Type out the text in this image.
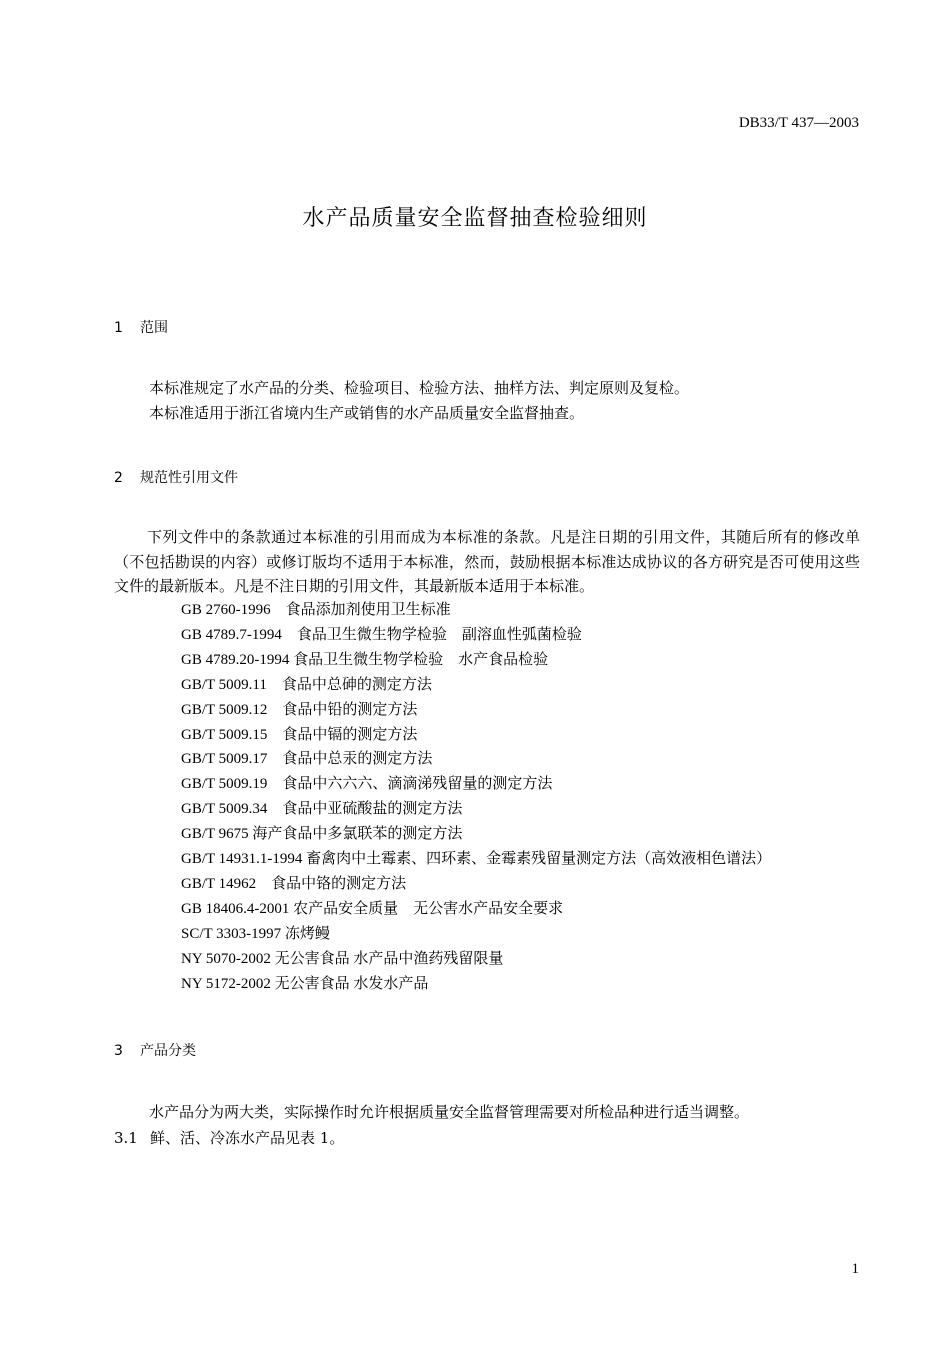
DB33/T 437—2003
水产品质量安全监督抽查检验细则
1 范围
本标准规定了水产品的分类、检验项目、检验方法、抽样方法、判定原则及复检。
本标准适用于浙江省境内生产或销售的水产品质量安全监督抽查。
2 规范性引用文件
下列文件中的条款通过本标准的引用而成为本标准的条款。凡是注日期的引用文件，其随后所有的修改单（不包括勘误的内容）或修订版均不适用于本标准，然而，鼓励根据本标准达成协议的各方研究是否可使用这些文件的最新版本。凡是不注日期的引用文件，其最新版本适用于本标准。
GB 2760-1996　食品添加剂使用卫生标准
GB 4789.7-1994　食品卫生微生物学检验　副溶血性弧菌检验
GB 4789.20-1994 食品卫生微生物学检验　水产食品检验
GB/T 5009.11　食品中总砷的测定方法
GB/T 5009.12　食品中铅的测定方法
GB/T 5009.15　食品中镉的测定方法
GB/T 5009.17　食品中总汞的测定方法
GB/T 5009.19　食品中六六六、滴滴涕残留量的测定方法
GB/T 5009.34　食品中亚硫酸盐的测定方法
GB/T 9675 海产食品中多氯联苯的测定方法
GB/T 14931.1-1994 畜禽肉中土霉素、四环素、金霉素残留量测定方法（高效液相色谱法）
GB/T 14962　食品中铬的测定方法
GB 18406.4-2001 农产品安全质量　无公害水产品安全要求
SC/T 3303-1997 冻烤鳗
NY 5070-2002 无公害食品 水产品中渔药残留限量
NY 5172-2002 无公害食品 水发水产品
3 产品分类
水产品分为两大类，实际操作时允许根据质量安全监督管理需要对所检品种进行适当调整。
3.1 鲜、活、冷冻水产品见表 1。
1
